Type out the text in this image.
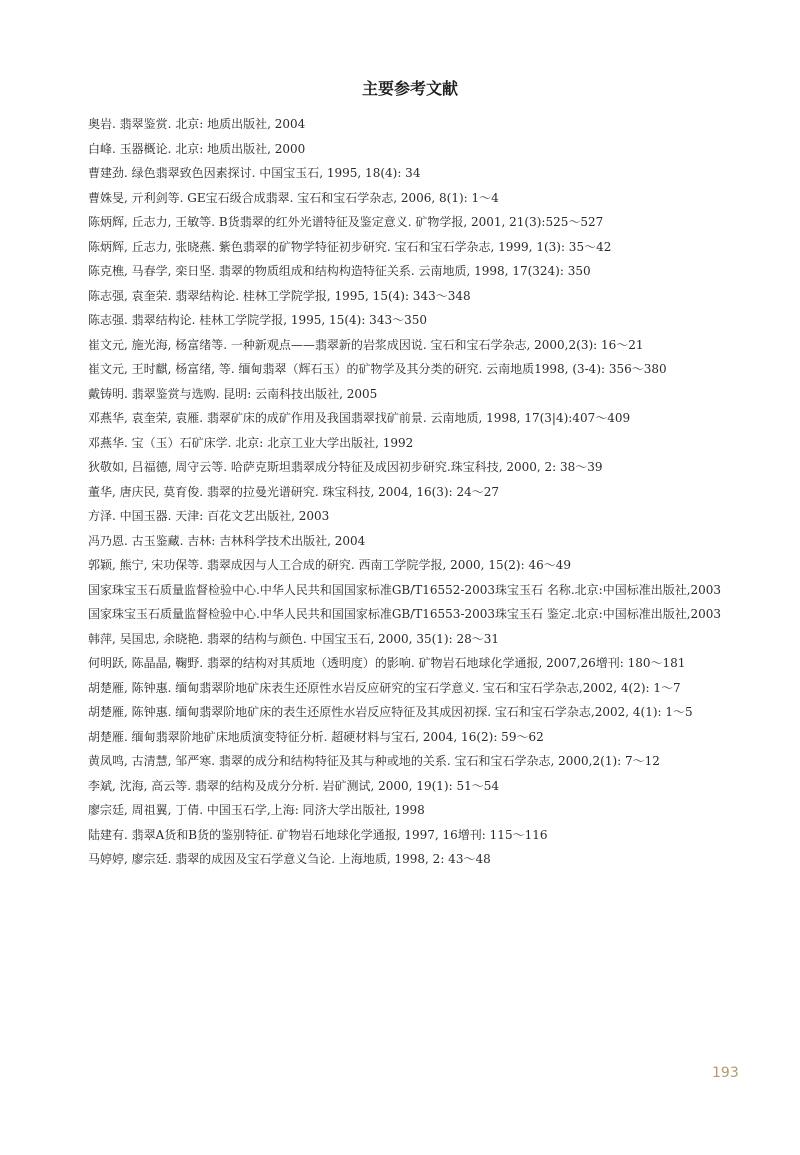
主要参考文献
奥岩. 翡翠鉴赏. 北京: 地质出版社, 2004
白峰. 玉器概论. 北京: 地质出版社, 2000
曹建劲. 绿色翡翠致色因素探讨. 中国宝玉石, 1995, 18(4): 34
曹姝旻, 亓利剑等. GE宝石级合成翡翠. 宝石和宝石学杂志, 2006, 8(1): 1～4
陈炳辉, 丘志力, 王敏等. B货翡翠的红外光谱特征及鉴定意义. 矿物学报, 2001, 21(3):525～527
陈炳辉, 丘志力, 张晓燕. 紫色翡翠的矿物学特征初步研究. 宝石和宝石学杂志, 1999, 1(3): 35～42
陈克樵, 马春学, 栾日坚. 翡翠的物质组成和结构构造特征关系. 云南地质, 1998, 17(324): 350
陈志强, 袁奎荣. 翡翠结构论. 桂林工学院学报, 1995, 15(4): 343～348
陈志强. 翡翠结构论. 桂林工学院学报, 1995, 15(4): 343～350
崔文元, 施光海, 杨富绪等. 一种新观点——翡翠新的岩浆成因说. 宝石和宝石学杂志, 2000,2(3): 16～21
崔文元, 王时麒, 杨富绪, 等. 缅甸翡翠（辉石玉）的矿物学及其分类的研究. 云南地质1998, (3-4): 356～380
戴铸明. 翡翠鉴赏与选购. 昆明: 云南科技出版社, 2005
邓燕华, 袁奎荣, 袁雁. 翡翠矿床的成矿作用及我国翡翠找矿前景. 云南地质, 1998, 17(3|4):407～409
邓燕华. 宝（玉）石矿床学. 北京: 北京工业大学出版社, 1992
狄敬如, 吕福德, 周守云等. 哈萨克斯坦翡翠成分特征及成因初步研究.珠宝科技, 2000, 2: 38～39
董华, 唐庆民, 莫育俊. 翡翠的拉曼光谱研究. 珠宝科技, 2004, 16(3): 24～27
方泽. 中国玉器. 天津: 百花文艺出版社, 2003
冯乃恩. 古玉鉴藏. 吉林: 吉林科学技术出版社, 2004
郭颖, 熊宁, 宋功保等. 翡翠成因与人工合成的研究. 西南工学院学报, 2000, 15(2): 46～49
国家珠宝玉石质量监督检验中心.中华人民共和国国家标准GB/T16552-2003珠宝玉石 名称.北京:中国标准出版社,2003
国家珠宝玉石质量监督检验中心.中华人民共和国国家标准GB/T16553-2003珠宝玉石 鉴定.北京:中国标准出版社,2003
韩萍, 吴国忠, 余晓艳. 翡翠的结构与颜色. 中国宝玉石, 2000, 35(1): 28～31
何明跃, 陈晶晶, 鞠野. 翡翠的结构对其质地（透明度）的影响. 矿物岩石地球化学通报, 2007,26增刊: 180～181
胡楚雁, 陈钟惠. 缅甸翡翠阶地矿床表生还原性水岩反应研究的宝石学意义. 宝石和宝石学杂志,2002, 4(2): 1～7
胡楚雁, 陈钟惠. 缅甸翡翠阶地矿床的表生还原性水岩反应特征及其成因初探. 宝石和宝石学杂志,2002, 4(1): 1～5
胡楚雁. 缅甸翡翠阶地矿床地质演变特征分析. 超硬材料与宝石, 2004, 16(2): 59～62
黄凤鸣, 古清慧, 邹严寒. 翡翠的成分和结构特征及其与种或地的关系. 宝石和宝石学杂志, 2000,2(1): 7～12
李斌, 沈海, 高云等. 翡翠的结构及成分分析. 岩矿测试, 2000, 19(1): 51～54
廖宗廷, 周祖翼, 丁倩. 中国玉石学,上海: 同济大学出版社, 1998
陆建有. 翡翠A货和B货的鉴别特征. 矿物岩石地球化学通报, 1997, 16增刊: 115～116
马婷婷, 廖宗廷. 翡翠的成因及宝石学意义刍论. 上海地质, 1998, 2: 43～48
193
